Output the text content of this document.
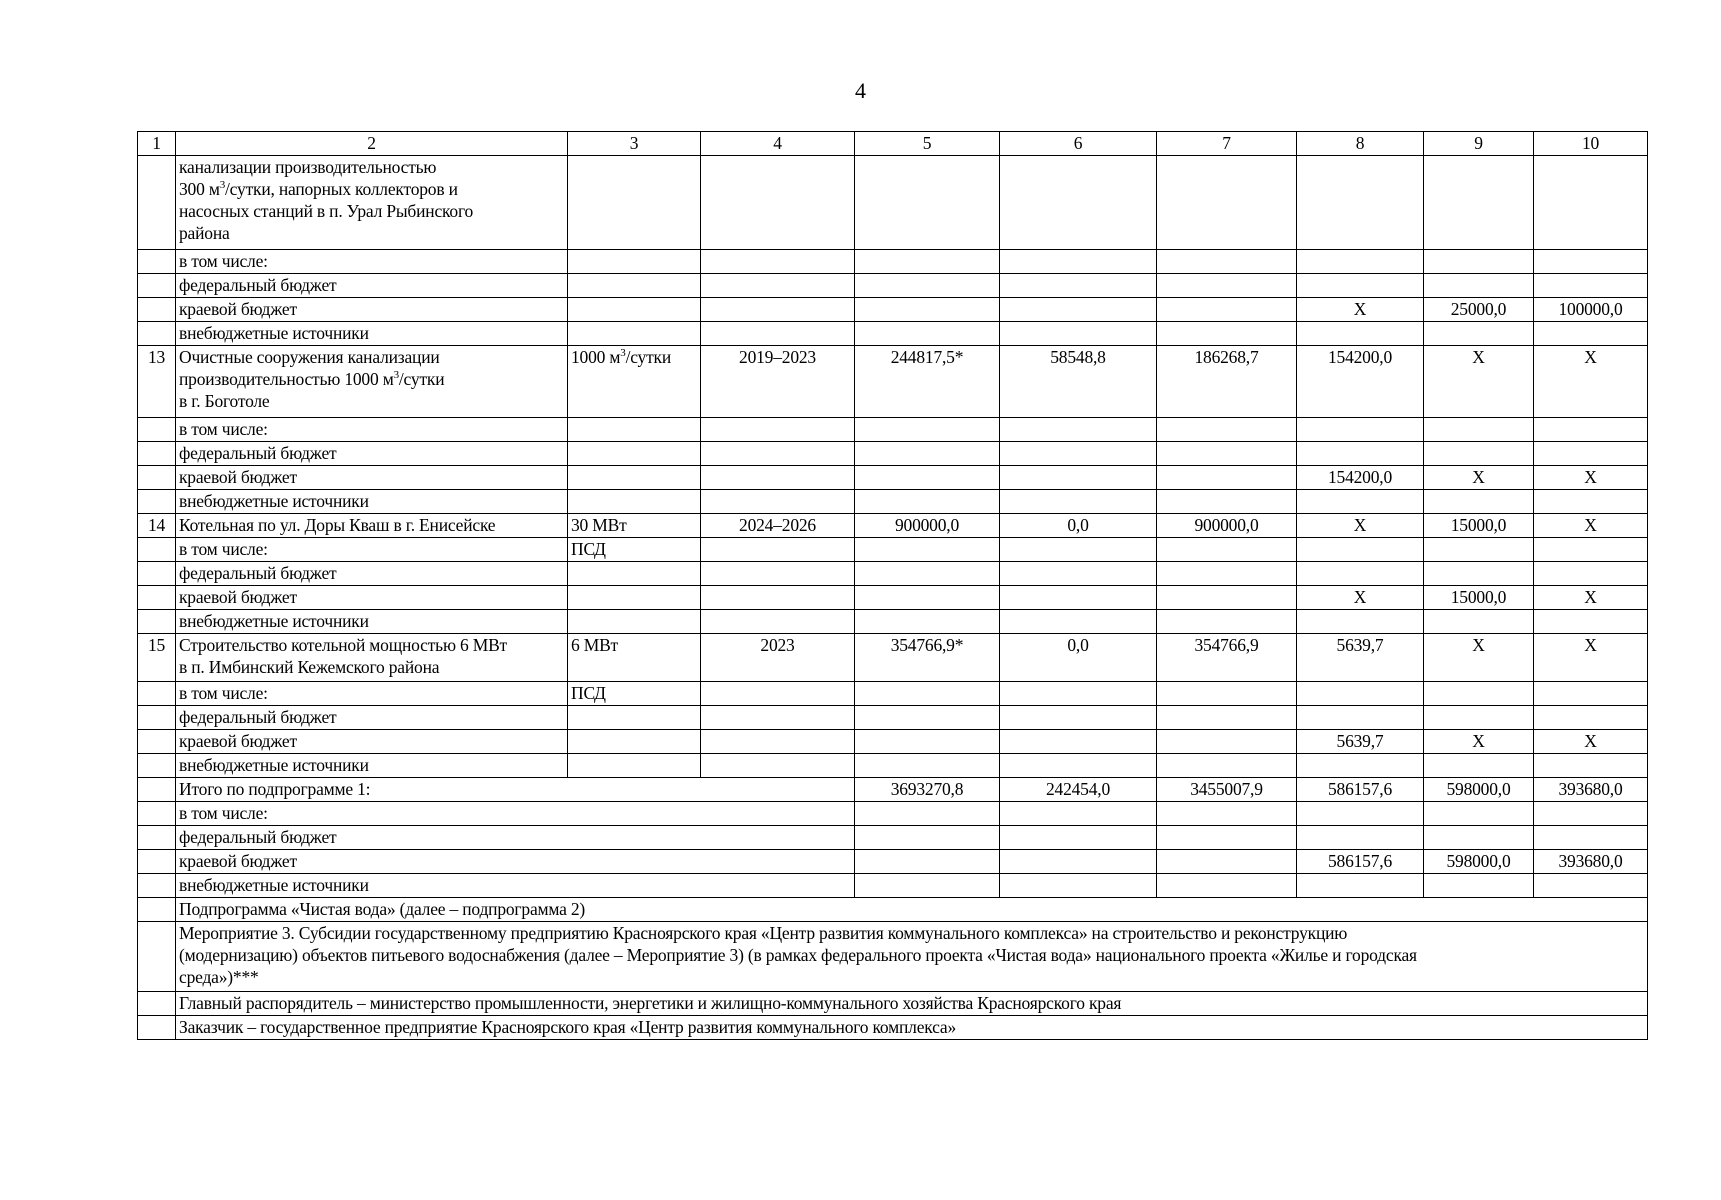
4
1	2	3	4	5	6	7	8	9	10

	канализации производительностью
300 $м^3$/сутки, напорных коллекторов и
насосных станций в п. Урал Рыбинского
района								

	в том числе:								
	федеральный бюджет								
	краевой бюджет						X	25000,0	100000,0
	внебюджетные источники								
13	Очистные сооружения канализации
производительностью 1000 $м^3$/сутки
в г. Боготоле	1000 $м^3$/сутки	2019–2023	244817,5*	58548,8	186268,7	154200,0	X	X
	в том числе:								
	федеральный бюджет								
	краевой бюджет						154200,0	X	X
	внебюджетные источники								
14	Котельная по ул. Доры Кваш в г. Енисейске	30 МВт	2024–2026	900000,0	0,0	900000,0	X	15000,0	X
	в том числе:	ПСД							
	федеральный бюджет								
	краевой бюджет						X	15000,0	X
	внебюджетные источники								
15	Строительство котельной мощностью 6 МВт
в п. Имбинский Кежемского района	6 МВт	2023	354766,9*	0,0	354766,9	5639,7	X	X
	в том числе:	ПСД							
	федеральный бюджет								
	краевой бюджет						5639,7	X	X
	внебюджетные источники								
	Итого по подпрограмме 1:			3693270,8	242454,0	3455007,9	586157,6	598000,0	393680,0
	в том числе:								
	федеральный бюджет								
	краевой бюджет						586157,6	598000,0	393680,0
	внебюджетные источники								
	Подпрограмма «Чистая вода» (далее – подпрограмма 2)								

	Мероприятие 3. Субсидии государственному предприятию Красноярского края «Центр развития коммунального комплекса» на строительство и реконструкцию
(модернизацию) объектов питьевого водоснабжения (далее – Мероприятие 3) (в рамках федерального проекта «Чистая вода» национального проекта «Жилье и городская
среда»)***								

	Главный распорядитель – министерство промышленности, энергетики и жилищно-коммунального хозяйства Красноярского края								
	Заказчик – государственное предприятие Красноярского края «Центр развития коммунального комплекса»								
